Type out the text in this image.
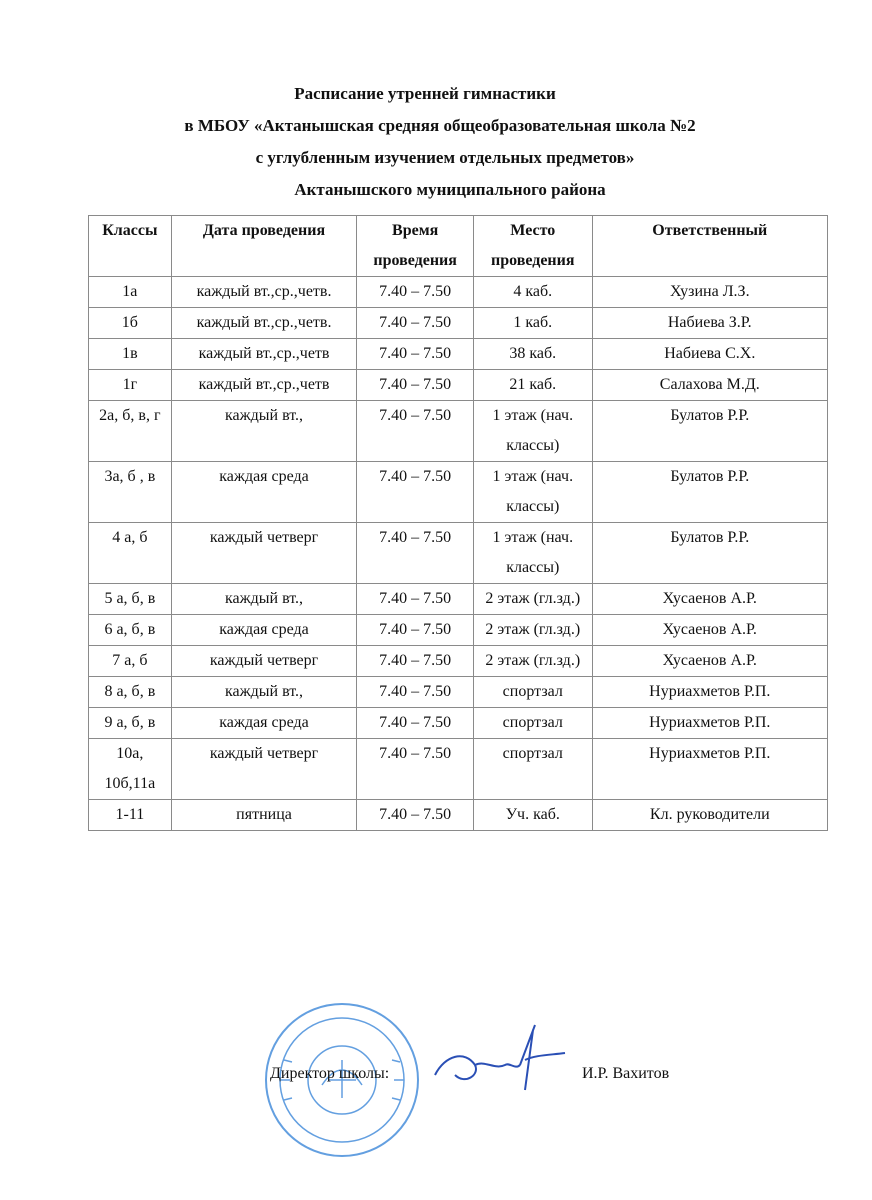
Расписание утренней гимнастики
в МБОУ «Актанышская средняя общеобразовательная школа №2
с углубленным изучением отдельных предметов»
Актанышского муниципального района
Классы	Дата проведения	Время проведения	Место проведения	Ответственный
1а	каждый вт.,ср.,четв.	7.40 – 7.50	4 каб.	Хузина Л.З.
1б	каждый вт.,ср.,четв.	7.40 – 7.50	1 каб.	Набиева З.Р.
1в	каждый вт.,ср.,четв	7.40 – 7.50	38 каб.	Набиева С.Х.
1г	каждый вт.,ср.,четв	7.40 – 7.50	21 каб.	Салахова М.Д.
2а, б, в, г	каждый вт.,	7.40 – 7.50	1 этаж (нач. классы)	Булатов Р.Р.
3а, б , в	каждая среда	7.40 – 7.50	1 этаж (нач. классы)	Булатов Р.Р.
4 а, б	каждый четверг	7.40 – 7.50	1 этаж (нач. классы)	Булатов Р.Р.
5 а, б, в	каждый вт.,	7.40 – 7.50	2 этаж (гл.зд.)	Хусаенов А.Р.
6 а, б, в	каждая среда	7.40 – 7.50	2 этаж (гл.зд.)	Хусаенов А.Р.
7 а, б	каждый четверг	7.40 – 7.50	2 этаж (гл.зд.)	Хусаенов А.Р.
8 а, б, в	каждый вт.,	7.40 – 7.50	спортзал	Нуриахметов Р.П.
9 а, б, в	каждая среда	7.40 – 7.50	спортзал	Нуриахметов Р.П.
10а, 10б,11а	каждый четверг	7.40 – 7.50	спортзал	Нуриахметов Р.П.
1-11	пятница	7.40 – 7.50	Уч. каб.	Кл. руководители
Директор школы:	И.Р. Вахитов
